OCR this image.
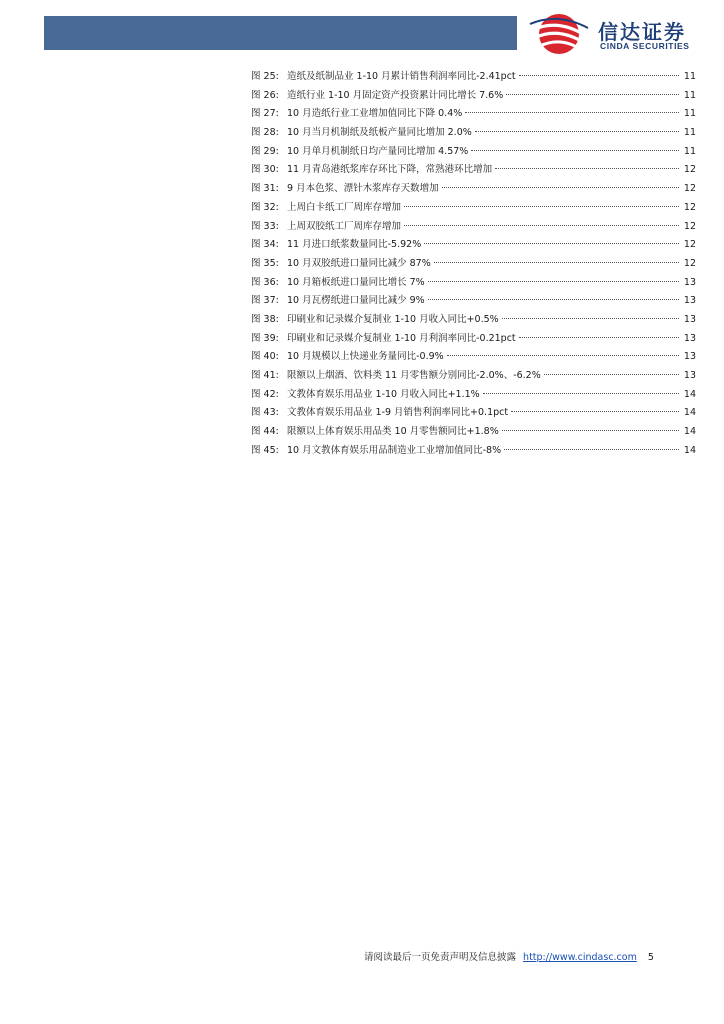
信达证券
CINDA SECURITIES
图 25: 造纸及纸制品业 1-10 月累计销售利润率同比-2.41pct	11
图 26: 造纸行业 1-10 月固定资产投资累计同比增长 7.6%	11
图 27: 10 月造纸行业工业增加值同比下降 0.4%	11
图 28: 10 月当月机制纸及纸板产量同比增加 2.0%	11
图 29: 10 月单月机制纸日均产量同比增加 4.57%	11
图 30: 11 月青岛港纸浆库存环比下降，常熟港环比增加	12
图 31: 9 月本色浆、漂针木浆库存天数增加	12
图 32: 上周白卡纸工厂周库存增加	12
图 33: 上周双胶纸工厂周库存增加	12
图 34: 11 月进口纸浆数量同比-5.92%	12
图 35: 10 月双胶纸进口量同比减少 87%	12
图 36: 10 月箱板纸进口量同比增长 7%	13
图 37: 10 月瓦楞纸进口量同比减少 9%	13
图 38: 印刷业和记录媒介复制业 1-10 月收入同比+0.5%	13
图 39: 印刷业和记录媒介复制业 1-10 月利润率同比-0.21pct	13
图 40: 10 月规模以上快递业务量同比-0.9%	13
图 41: 限额以上烟酒、饮料类 11 月零售额分别同比-2.0%、-6.2%	13
图 42: 文教体育娱乐用品业 1-10 月收入同比+1.1%	14
图 43: 文教体育娱乐用品业 1-9 月销售利润率同比+0.1pct	14
图 44: 限额以上体育娱乐用品类 10 月零售额同比+1.8%	14
图 45: 10 月文教体育娱乐用品制造业工业增加值同比-8%	14
请阅读最后一页免责声明及信息披露 http://www.cindasc.com 5
